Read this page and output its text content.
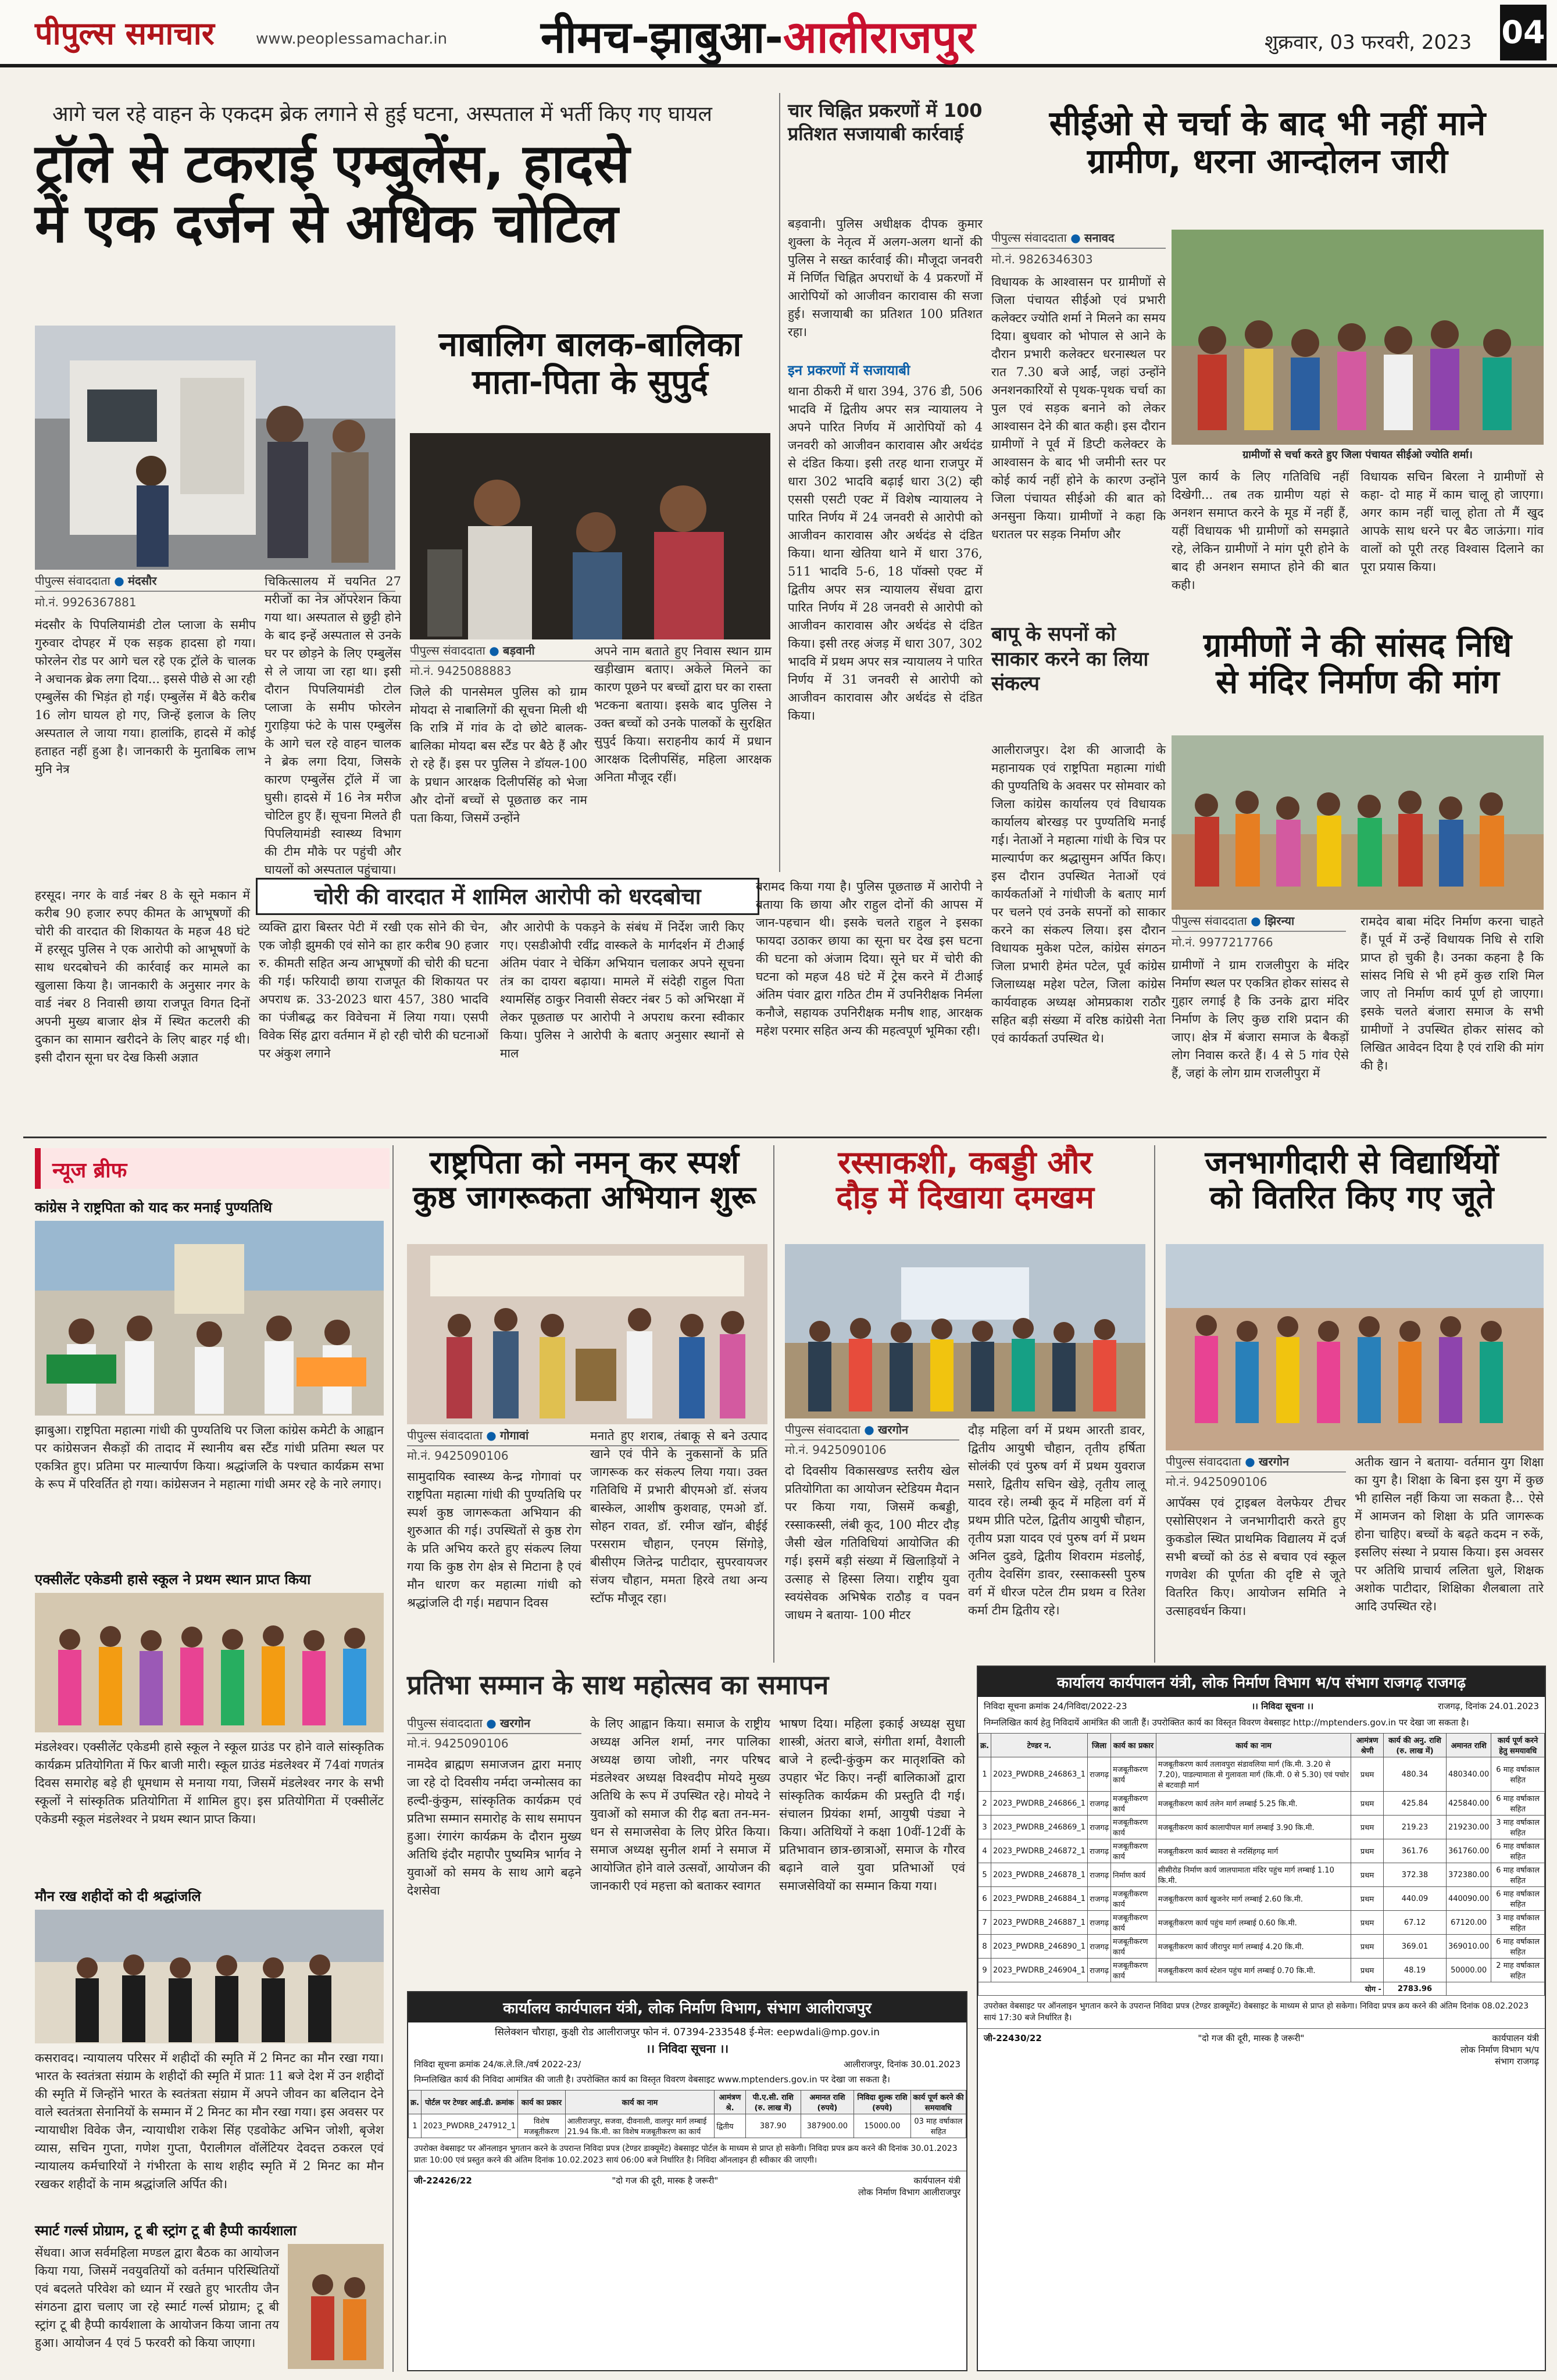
पीपुल्स समाचार	www.peoplessamachar.in नीमच-झाबुआ-आलीराजपुर	शुक्रवार, 03 फरवरी, 2023 04
आगे चल रहे वाहन के एकदम ब्रेक लगाने से हुई घटना, अस्पताल में भर्ती किए गए घायल
ट्रॉले से टकराई एम्बुलेंस, हादसे
में एक दर्जन से अधिक चोटिल
पीपुल्स संवाददाता ● मंदसौर
मो.नं. 9926367881
मंदसौर के पिपलियामंडी टोल प्लाजा के समीप गुरुवार दोपहर में एक सड़क हादसा हो गया। फोरलेन रोड पर आगे चल रहे एक ट्रॉले के चालक ने अचानक ब्रेक लगा दिया... इससे पीछे से आ रही एम्बुलेंस की भिड़ंत हो गई। एम्बुलेंस में बैठे करीब 16 लोग घायल हो गए, जिन्हें इलाज के लिए अस्पताल ले जाया गया। हालांकि, हादसे में कोई हताहत नहीं हुआ है। जानकारी के मुताबिक लाभ मुनि नेत्र
चिकित्सालय में चयनित 27 मरीजों का नेत्र ऑपरेशन किया गया था। अस्पताल से छुट्टी होने के बाद इन्हें अस्पताल से उनके घर पर छोड़ने के लिए एम्बुलेंस से ले जाया जा रहा था। इसी दौरान पिपलियामंडी टोल प्लाजा के समीप फोरलेन गुराड़िया फंटे के पास एम्बुलेंस के आगे चल रहे वाहन चालक ने ब्रेक लगा दिया, जिसके कारण एम्बुलेंस ट्रॉले में जा घुसी। हादसे में 16 नेत्र मरीज चोटिल हुए हैं। सूचना मिलते ही पिपलियामंडी स्वास्थ्य विभाग की टीम मौके पर पहुंची और घायलों को अस्पताल पहुंचाया।
नाबालिग बालक-बालिका
माता-पिता के सुपुर्द
पीपुल्स संवाददाता ● बड़वानी
मो.नं. 9425088883
जिले की पानसेमल पुलिस को ग्राम मोयदा से नाबालिगों की सूचना मिली थी कि रात्रि में गांव के दो छोटे बालक-बालिका मोयदा बस स्टैंड पर बैठे हैं और रो रहे हैं। इस पर पुलिस ने डॉयल-100 के प्रधान आरक्षक दिलीपसिंह को भेजा और दोनों बच्चों से पूछताछ कर नाम पता किया, जिसमें उन्होंने
अपने नाम बताते हुए निवास स्थान ग्राम खड़ीखाम बताए। अकेले मिलने का कारण पूछने पर बच्चों द्वारा घर का रास्ता भटकना बताया। इसके बाद पुलिस ने उक्त बच्चों को उनके पालकों के सुरक्षित सुपुर्द किया। सराहनीय कार्य में प्रधान आरक्षक दिलीपसिंह, महिला आरक्षक अनिता मौजूद रहीं।
चार चिह्नित प्रकरणों में 100 प्रतिशत सजायाबी कार्रवाई
बड़वानी। पुलिस अधीक्षक दीपक कुमार शुक्ला के नेतृत्व में अलग-अलग थानों की पुलिस ने सख्त कार्रवाई की। मौजूदा जनवरी में निर्णित चिह्नित अपराधों के 4 प्रकरणों में आरोपियों को आजीवन कारावास की सजा हुई। सजायाबी का प्रतिशत 100 प्रतिशत रहा।
इन प्रकरणों में सजायाबी
थाना ठीकरी में धारा 394, 376 डी, 506 भादवि में द्वितीय अपर सत्र न्यायालय ने अपने पारित निर्णय में आरोपियों को 4 जनवरी को आजीवन कारावास और अर्थदंड से दंडित किया। इसी तरह थाना राजपुर में धारा 302 भादवि बढ़ाई धारा 3(2) व्ही एससी एसटी एक्ट में विशेष न्यायालय ने पारित निर्णय में 24 जनवरी से आरोपी को आजीवन कारावास और अर्थदंड से दंडित किया। थाना खेतिया थाने में धारा 376, 511 भादवि 5-6, 18 पॉक्सो एक्ट में द्वितीय अपर सत्र न्यायालय सेंधवा द्वारा पारित निर्णय में 28 जनवरी से आरोपी को आजीवन कारावास और अर्थदंड से दंडित किया। इसी तरह अंजड़ में धारा 307, 302 भादवि में प्रथम अपर सत्र न्यायालय ने पारित निर्णय में 31 जनवरी से आरोपी को आजीवन कारावास और अर्थदंड से दंडित किया।
बापू के सपनों को साकार करने का लिया संकल्प
आलीराजपुर। देश की आजादी के महानायक एवं राष्ट्रपिता महात्मा गांधी की पुण्यतिथि के अवसर पर सोमवार को जिला कांग्रेस कार्यालय एवं विधायक कार्यालय बोरखड़ पर पुण्यतिथि मनाई गई। नेताओं ने महात्मा गांधी के चित्र पर माल्यार्पण कर श्रद्धासुमन अर्पित किए। इस दौरान उपस्थित नेताओं एवं कार्यकर्ताओं ने गांधीजी के बताए मार्ग पर चलने एवं उनके सपनों को साकार करने का संकल्प लिया। इस दौरान विधायक मुकेश पटेल, कांग्रेस संगठन जिला प्रभारी हेमंत पटेल, पूर्व कांग्रेस जिलाध्यक्ष महेश पटेल, जिला कांग्रेस कार्यवाहक अध्यक्ष ओमप्रकाश राठौर सहित बड़ी संख्या में वरिष्ठ कांग्रेसी नेता एवं कार्यकर्ता उपस्थित थे।
सीईओ से चर्चा के बाद भी नहीं माने
ग्रामीण, धरना आन्दोलन जारी
पीपुल्स संवाददाता ● सनावद
मो.नं. 9826346303
विधायक के आश्वासन पर ग्रामीणों से जिला पंचायत सीईओ एवं प्रभारी कलेक्टर ज्योति शर्मा ने मिलने का समय दिया। बुधवार को भोपाल से आने के दौरान प्रभारी कलेक्टर धरनास्थल पर रात 7.30 बजे आईं, जहां उन्होंने अनशनकारियों से पृथक-पृथक चर्चा का पुल एवं सड़क बनाने को लेकर आश्वासन देने की बात कही। इस दौरान ग्रामीणों ने पूर्व में डिप्टी कलेक्टर के आश्वासन के बाद भी जमीनी स्तर पर कोई कार्य नहीं होने के कारण उन्होंने जिला पंचायत सीईओ की बात को अनसुना किया। ग्रामीणों ने कहा कि धरातल पर सड़क निर्माण और
ग्रामीणों से चर्चा करते हुए जिला पंचायत सीईओ ज्योति शर्मा।
पुल कार्य के लिए गतिविधि नहीं दिखेगी... तब तक ग्रामीण यहां से अनशन समाप्त करने के मूड में नहीं हैं, यहीं विधायक भी ग्रामीणों को समझाते रहे, लेकिन ग्रामीणों ने मांग पूरी होने के बाद ही अनशन समाप्त होने की बात कही।
विधायक सचिन बिरला ने ग्रामीणों से कहा- दो माह में काम चालू हो जाएगा। अगर काम नहीं चालू होता तो मैं खुद आपके साथ धरने पर बैठ जाऊंगा। गांव वालों को पूरी तरह विश्वास दिलाने का पूरा प्रयास किया।
ग्रामीणों ने की सांसद निधि
से मंदिर निर्माण की मांग
पीपुल्स संवाददाता ● झिरन्या
मो.नं. 9977217766
ग्रामीणों ने ग्राम राजलीपुरा के मंदिर निर्माण स्थल पर एकत्रित होकर सांसद से गुहार लगाई है कि उनके द्वारा मंदिर निर्माण के लिए कुछ राशि प्रदान की जाए। क्षेत्र में बंजारा समाज के बैकड़ों लोग निवास करते हैं। 4 से 5 गांव ऐसे हैं, जहां के लोग ग्राम राजलीपुरा में
रामदेव बाबा मंदिर निर्माण करना चाहते हैं। पूर्व में उन्हें विधायक निधि से राशि प्राप्त हो चुकी है। उनका कहना है कि सांसद निधि से भी हमें कुछ राशि मिल जाए तो निर्माण कार्य पूर्ण हो जाएगा। इसके चलते बंजारा समाज के सभी ग्रामीणों ने उपस्थित होकर सांसद को लिखित आवेदन दिया है एवं राशि की मांग की है।
चोरी की वारदात में शामिल आरोपी को धरदबोचा
हरसूद। नगर के वार्ड नंबर 8 के सूने मकान में करीब 90 हजार रुपए कीमत के आभूषणों की चोरी की वारदात की शिकायत के महज 48 घंटे में हरसूद पुलिस ने एक आरोपी को आभूषणों के साथ धरदबोचने की कार्रवाई कर मामले का खुलासा किया है। जानकारी के अनुसार नगर के वार्ड नंबर 8 निवासी छाया राजपूत विगत दिनों अपनी मुख्य बाजार क्षेत्र में स्थित कटलरी की दुकान का सामान खरीदने के लिए बाहर गई थी। इसी दौरान सूना घर देख किसी अज्ञात
व्यक्ति द्वारा बिस्तर पेटी में रखी एक सोने की चेन, एक जोड़ी झुमकी एवं सोने का हार करीब 90 हजार रु. कीमती सहित अन्य आभूषणों की चोरी की घटना की गई। फरियादी छाया राजपूत की शिकायत पर अपराध क्र. 33-2023 धारा 457, 380 भादवि का पंजीबद्ध कर विवेचना में लिया गया। एसपी विवेक सिंह द्वारा वर्तमान में हो रही चोरी की घटनाओं पर अंकुश लगाने
और आरोपी के पकड़ने के संबंध में निर्देश जारी किए गए। एसडीओपी रवींद्र वास्कले के मार्गदर्शन में टीआई अंतिम पंवार ने चेकिंग अभियान चलाकर अपने सूचना तंत्र का दायरा बढ़ाया। मामले में संदेही राहुल पिता श्यामसिंह ठाकुर निवासी सेक्टर नंबर 5 को अभिरक्षा में लेकर पूछताछ पर आरोपी ने अपराध करना स्वीकार किया। पुलिस ने आरोपी के बताए अनुसार स्थानों से माल
बरामद किया गया है। पुलिस पूछताछ में आरोपी ने बताया कि छाया और राहुल दोनों की आपस में जान-पहचान थी। इसके चलते राहुल ने इसका फायदा उठाकर छाया का सूना घर देख इस घटना की घटना को अंजाम दिया। सूने घर में चोरी की घटना को महज 48 घंटे में ट्रेस करने में टीआई अंतिम पंवार द्वारा गठित टीम में उपनिरीक्षक निर्मला कनौजे, सहायक उपनिरीक्षक मनीष शाह, आरक्षक महेश परमार सहित अन्य की महत्वपूर्ण भूमिका रही।
न्यूज ब्रीफ
कांग्रेस ने राष्ट्रपिता को याद कर मनाई पुण्यतिथि
झाबुआ। राष्ट्रपिता महात्मा गांधी की पुण्यतिथि पर जिला कांग्रेस कमेटी के आह्वान पर कांग्रेसजन सैकड़ों की तादाद में स्थानीय बस स्टैंड गांधी प्रतिमा स्थल पर एकत्रित हुए। प्रतिमा पर माल्यार्पण किया। श्रद्धांजलि के पश्चात कार्यक्रम सभा के रूप में परिवर्तित हो गया। कांग्रेसजन ने महात्मा गांधी अमर रहे के नारे लगाए।
एक्सीलेंट एकेडमी हासे स्कूल ने प्रथम स्थान प्राप्त किया
मंडलेश्वर। एक्सीलेंट एकेडमी हासे स्कूल ने स्कूल ग्राउंड पर होने वाले सांस्कृतिक कार्यक्रम प्रतियोगिता में फिर बाजी मारी। स्कूल ग्राउंड मंडलेश्वर में 74वां गणतंत्र दिवस समारोह बड़े ही धूमधाम से मनाया गया, जिसमें मंडलेश्वर नगर के सभी स्कूलों ने सांस्कृतिक प्रतियोगिता में शामिल हुए। इस प्रतियोगिता में एक्सीलेंट एकेडमी स्कूल मंडलेश्वर ने प्रथम स्थान प्राप्त किया।
मौन रख शहीदों को दी श्रद्धांजलि
कसरावद। न्यायालय परिसर में शहीदों की स्मृति में 2 मिनट का मौन रखा गया। भारत के स्वतंत्रता संग्राम के शहीदों की स्मृति में प्रातः 11 बजे देश में उन शहीदों की स्मृति में जिन्होंने भारत के स्वतंत्रता संग्राम में अपने जीवन का बलिदान देने वाले स्वतंत्रता सेनानियों के सम्मान में 2 मिनट का मौन रखा गया। इस अवसर पर न्यायाधीश विवेक जैन, न्यायाधीश राकेश सिंह एडवोकेट अभिन जोशी, बृजेश व्यास, सचिन गुप्ता, गणेश गुप्ता, पैरालीगल वॉलेंटियर देवदत्त ठकरल एवं न्यायालय कर्मचारियों ने गंभीरता के साथ शहीद स्मृति में 2 मिनट का मौन रखकर शहीदों के नाम श्रद्धांजलि अर्पित की।
स्मार्ट गर्ल्स प्रोग्राम, टू बी स्ट्रांग टू बी हैप्पी कार्यशाला
सेंधवा। आज सर्वमहिला मण्डल द्वारा बैठक का आयोजन किया गया, जिसमें नवयुवतियों को वर्तमान परिस्थितियों एवं बदलते परिवेश को ध्यान में रखते हुए भारतीय जैन संगठना द्वारा चलाए जा रहे स्मार्ट गर्ल्स प्रोग्राम; टू बी स्ट्रांग टू बी हैप्पी कार्यशाला के आयोजन किया जाना तय हुआ। आयोजन 4 एवं 5 फरवरी को किया जाएगा।
राष्ट्रपिता को नमन् कर स्पर्श
कुष्ठ जागरूकता अभियान शुरू
पीपुल्स संवाददाता ● गोगावां
मो.नं. 9425090106
सामुदायिक स्वास्थ्य केन्द्र गोगावां पर राष्ट्रपिता महात्मा गांधी की पुण्यतिथि पर स्पर्श कुष्ठ जागरूकता अभियान की शुरुआत की गई। उपस्थितों से कुष्ठ रोग के प्रति अभिय करते हुए संकल्प लिया गया कि कुष्ठ रोग क्षेत्र से मिटाना है एवं मौन धारण कर महात्मा गांधी को श्रद्धांजलि दी गई। मद्यपान दिवस
मनाते हुए शराब, तंबाकू से बने उत्पाद खाने एवं पीने के नुकसानों के प्रति जागरूक कर संकल्प लिया गया। उक्त गतिविधि में प्रभारी बीएमओ डॉ. संजय बास्केल, आशीष कुशवाह, एमओ डॉ. सोहन रावत, डॉ. रमीज खॉन, बीईई परसराम चौहान, एनएम सिंगोड़े, बीसीएम जितेन्द्र पाटीदार, सुपरवायजर संजय चौहान, ममता हिरवे तथा अन्य स्टॉफ मौजूद रहा।
रस्साकशी, कबड्डी और
दौड़ में दिखाया दमखम
पीपुल्स संवाददाता ● खरगोन
मो.नं. 9425090106
दो दिवसीय विकासखण्ड स्तरीय खेल प्रतियोगिता का आयोजन स्टेडियम मैदान पर किया गया, जिसमें कबड्डी, रस्साकस्सी, लंबी कूद, 100 मीटर दौड़ जैसी खेल गतिविधियां आयोजित की गई। इसमें बड़ी संख्या में खिलाड़ियों ने उत्साह से हिस्सा लिया। राष्ट्रीय युवा स्वयंसेवक अभिषेक राठौड़ व पवन जाधम ने बताया- 100 मीटर
दौड़ महिला वर्ग में प्रथम आरती डावर, द्वितीय आयुषी चौहान, तृतीय हर्षिता सोलंकी एवं पुरुष वर्ग में प्रथम युवराज मसारे, द्वितीय सचिन खेड़े, तृतीय लालू यादव रहे। लम्बी कूद में महिला वर्ग में प्रथम प्रीति पटेल, द्वितीय आयुषी चौहान, तृतीय प्रज्ञा यादव एवं पुरुष वर्ग में प्रथम अनिल दुडवे, द्वितीय शिवराम मंडलोई, तृतीय देवसिंग डावर, रस्साकस्सी पुरुष वर्ग में धीरज पटेल टीम प्रथम व रितेश कर्मा टीम द्वितीय रहे।
जनभागीदारी से विद्यार्थियों
को वितरित किए गए जूते
पीपुल्स संवाददाता ● खरगोन
मो.नं. 9425090106
आपॅक्स एवं ट्राइबल वेलफेयर टीचर एसोसिएशन ने जनभागीदारी करते हुए कुकडोल स्थित प्राथमिक विद्यालय में दर्ज सभी बच्चों को ठंड से बचाव एवं स्कूल गणवेश की पूर्णता की दृष्टि से जूते वितरित किए। आयोजन समिति ने उत्साहवर्धन किया।
अतीक खान ने बताया- वर्तमान युग शिक्षा का युग है। शिक्षा के बिना इस युग में कुछ भी हासिल नहीं किया जा सकता है... ऐसे में आमजन को शिक्षा के प्रति जागरूक होना चाहिए। बच्चों के बढ़ते कदम न रुकें, इसलिए संस्था ने प्रयास किया। इस अवसर पर अतिथि प्राचार्य ललिता धुले, शिक्षक अशोक पाटीदार, शिक्षिका शैलबाला तारे आदि उपस्थित रहे।
प्रतिभा सम्मान के साथ महोत्सव का समापन
पीपुल्स संवाददाता ● खरगोन
मो.नं. 9425090106
नामदेव ब्राह्मण समाजजन द्वारा मनाए जा रहे दो दिवसीय नर्मदा जन्मोत्सव का हल्दी-कुंकुम, सांस्कृतिक कार्यक्रम एवं प्रतिभा सम्मान समारोह के साथ समापन हुआ। रंगारंग कार्यक्रम के दौरान मुख्य अतिथि इंदौर महापौर पुष्यमित्र भार्गव ने युवाओं को समय के साथ आगे बढ़ने देशसेवा
के लिए आह्वान किया। समाज के राष्ट्रीय अध्यक्ष अनिल शर्मा, नगर पालिका अध्यक्ष छाया जोशी, नगर परिषद मंडलेश्वर अध्यक्ष विश्वदीप मोयदे मुख्य अतिथि के रूप में उपस्थित रहे। मोयदे ने युवाओं को समाज की रीढ़ बता तन-मन-धन से समाजसेवा के लिए प्रेरित किया। समाज अध्यक्ष सुनील शर्मा ने समाज में आयोजित होने वाले उत्सवों, आयोजन की जानकारी एवं महत्ता को बताकर स्वागत
भाषण दिया। महिला इकाई अध्यक्ष सुधा शास्त्री, अंतरा बाजे, संगीता शर्मा, वैशाली बाजे ने हल्दी-कुंकुम कर मातृशक्ति को उपहार भेंट किए। नन्हीं बालिकाओं द्वारा सांस्कृतिक कार्यक्रम की प्रस्तुति दी गई। संचालन प्रियंका शर्मा, आयुषी पंड्या ने किया। अतिथियों ने कक्षा 10वीं-12वीं के प्रतिभावान छात्र-छात्राओं, समाज के गौरव बढ़ाने वाले युवा प्रतिभाओं एवं समाजसेवियों का सम्मान किया गया।
कार्यालय कार्यपालन यंत्री, लोक निर्माण विभाग, संभाग आलीराजपुर
सिलेक्शन चौराहा, कुक्षी रोड आलीराजपुर फोन नं. 07394-233548 ई-मेल: eepwdali@mp.gov.in
।। निविदा सूचना ।।
निविदा सूचना क्रमांक 24/क.ले.लि./वर्ष 2022-23/	आलीराजपुर, दिनांक 30.01.2023
निम्नलिखित कार्य की निविदा आमंत्रित की जाती है। उपरोक्तित कार्य का विस्तृत विवरण वेबसाइट www.mptenders.gov.in पर देखा जा सकता है।
क्र.	पोर्टल पर टेण्डर आई.डी. क्रमांक	कार्य का प्रकार	कार्य का नाम	आमंत्रण श्रे.	पी.ए.सी. राशि (रु. लाख में)	अमानत राशि (रुपये)	निविदा शुल्क राशि (रुपये)	कार्य पूर्ण करने की समयावधि
1	2023_PWDRB_247912_1	विशेष मजबूतीकरण	आलीराजपुर, सजवा, दीवनाली, वालपुर मार्ग लम्बाई 21.94 कि.मी. का विशेष मजबूतीकरण का कार्य	द्वितीय	387.90	387900.00	15000.00	03 माह वर्षाकाल सहित
उपरोक्त वेबसाइट पर ऑनलाइन भुगतान करने के उपरान्त निविदा प्रपत्र (टेण्डर डाक्यूमेंट) वेबसाइट पोर्टल के माध्यम से प्राप्त हो सकेगी। निविदा प्रपत्र क्रय करने की दिनांक 30.01.2023 प्रातः 10:00 एवं प्रस्तुत करने की अंतिम दिनांक 10.02.2023 सायं 06:00 बजे निर्धारित है। निविदा ऑनलाइन ही स्वीकार की जाएगी।
जी-22426/22	"दो गज की दूरी, मास्क है जरूरी"	कार्यपालन यंत्री
लोक निर्माण विभाग आलीराजपुर
कार्यालय कार्यपालन यंत्री, लोक निर्माण विभाग भ/प संभाग राजगढ़ राजगढ़
निविदा सूचना क्रमांक 24/निविदा/2022-23	।। निविदा सूचना ।।	राजगढ़, दिनांक 24.01.2023
निम्नलिखित कार्य हेतु निविदायें आमंत्रित की जाती हैं। उपरोक्तित कार्य का विस्तृत विवरण वेबसाइट http://mptenders.gov.in पर देखा जा सकता है।
क्र.	टेण्डर न.	जिला	कार्य का प्रकार	कार्य का नाम	आमंत्रण श्रेणी	कार्य की अनु. राशि (रु. लाख में)	अमानत राशि	कार्य पूर्ण करने हेतु समयावधि
1	2023_PWDRB_246863_1	राजगढ़	मजबूतीकरण कार्य	मजबूतीकरण कार्य तलावपुरा संडावलिया मार्ग (कि.मी. 3.20 से 7.20), पाडल्यामाता से गुलावता मार्ग (कि.मी. 0 से 5.30) एवं पचोर से बटवाड़ी मार्ग	प्रथम	480.34	480340.00	6 माह वर्षाकाल सहित
2	2023_PWDRB_246866_1	राजगढ़	मजबूतीकरण कार्य	मजबूतीकरण कार्य तलेन मार्ग लम्बाई 5.25 कि.मी.	प्रथम	425.84	425840.00	6 माह वर्षाकाल सहित
3	2023_PWDRB_246869_1	राजगढ़	मजबूतीकरण कार्य	मजबूतीकरण कार्य कालापीपल मार्ग लम्बाई 3.90 कि.मी.	प्रथम	219.23	219230.00	3 माह वर्षाकाल सहित
4	2023_PWDRB_246872_1	राजगढ़	मजबूतीकरण कार्य	मजबूतीकरण कार्य ब्यावरा से नरसिंहगढ़ मार्ग	प्रथम	361.76	361760.00	6 माह वर्षाकाल सहित
5	2023_PWDRB_246878_1	राजगढ़	निर्माण कार्य	सीसीरोड निर्माण कार्य जालपामाता मंदिर पहुंच मार्ग लम्बाई 1.10 कि.मी.	प्रथम	372.38	372380.00	6 माह वर्षाकाल सहित
6	2023_PWDRB_246884_1	राजगढ़	मजबूतीकरण कार्य	मजबूतीकरण कार्य खुजनेर मार्ग लम्बाई 2.60 कि.मी.	प्रथम	440.09	440090.00	6 माह वर्षाकाल सहित
7	2023_PWDRB_246887_1	राजगढ़	मजबूतीकरण कार्य	मजबूतीकरण कार्य पहुंच मार्ग लम्बाई 0.60 कि.मी.	प्रथम	67.12	67120.00	3 माह वर्षाकाल सहित
8	2023_PWDRB_246890_1	राजगढ़	मजबूतीकरण कार्य	मजबूतीकरण कार्य जीरापुर मार्ग लम्बाई 4.20 कि.मी.	प्रथम	369.01	369010.00	6 माह वर्षाकाल सहित
9	2023_PWDRB_246904_1	राजगढ़	मजबूतीकरण कार्य	मजबूतीकरण कार्य स्टेशन पहुंच मार्ग लम्बाई 0.70 कि.मी.	प्रथम	48.19	50000.00	2 माह वर्षाकाल सहित
योग -						2783.96		
उपरोक्त वेबसाइट पर ऑनलाइन भुगतान करने के उपरान्त निविदा प्रपत्र (टेण्डर डाक्यूमेंट) वेबसाइट के माध्यम से प्राप्त हो सकेगा। निविदा प्रपत्र क्रय करने की अंतिम दिनांक 08.02.2023 सायं 17:30 बजे निर्धारित है।
जी-22430/22	"दो गज की दूरी, मास्क है जरूरी"	कार्यपालन यंत्री
लोक निर्माण विभाग भ/प
संभाग राजगढ़
